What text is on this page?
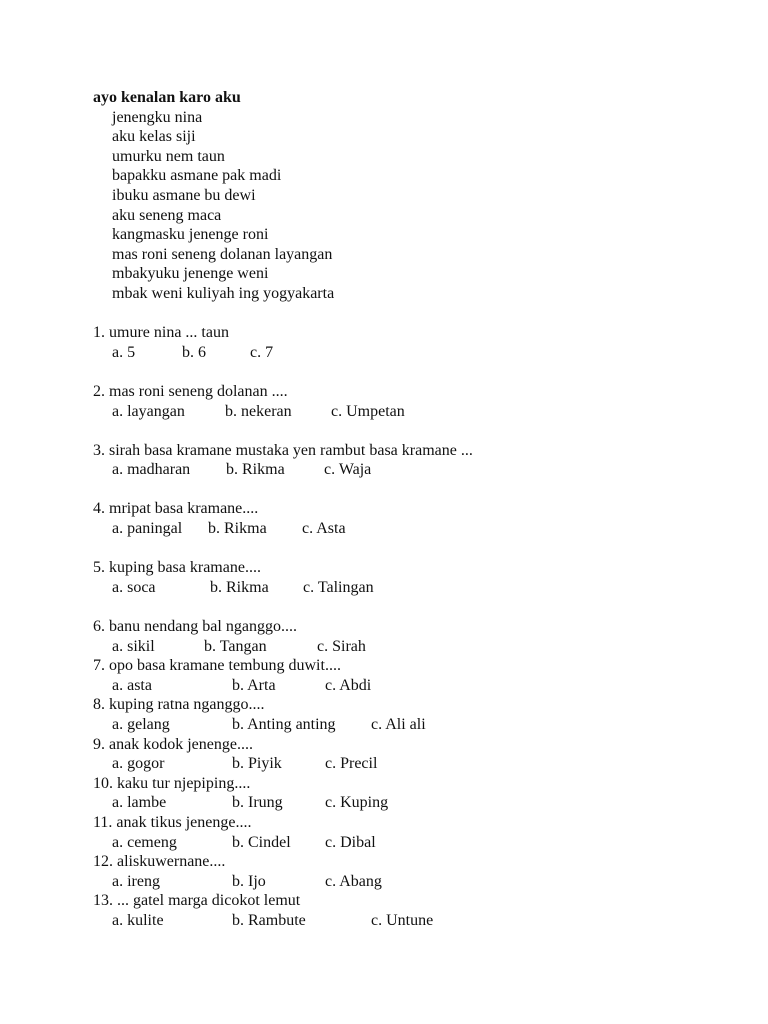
ayo kenalan karo aku
jenengku nina
aku kelas siji
umurku nem taun
bapakku asmane pak madi
ibuku asmane bu dewi
aku seneng maca
kangmasku jenenge roni
mas roni seneng dolanan layangan
mbakyuku jenenge weni
mbak weni kuliyah ing yogyakarta
1. umure nina ... taun
a. 5	b. 6	c. 7
2. mas roni seneng dolanan ....
a. layangan	b. nekeran c. Umpetan
3. sirah basa kramane mustaka yen rambut basa kramane ...
a. madharan b. Rikma c. Waja
4. mripat basa kramane....
a. paningal b. Rikma c. Asta
5. kuping basa kramane....
a. soca	b. Rikma c. Talingan
6. banu nendang bal nganggo....
a. sikil	b. Tangan	c. Sirah
7. opo basa kramane tembung duwit....
a. asta	b. Arta	c. Abdi
8. kuping ratna nganggo....
a. gelang	b. Anting anting c. Ali ali
9. anak kodok jenenge....
a. gogor	b. Piyik	c. Precil
10. kaku tur njepiping....
a. lambe	b. Irung	c. Kuping
11. anak tikus jenenge....
a. cemeng	b. Cindel c. Dibal
12. aliskuwernane....
a. ireng	b. Ijo	c. Abang
13. ... gatel marga dicokot lemut
a. kulite	b. Rambute	c. Untune
